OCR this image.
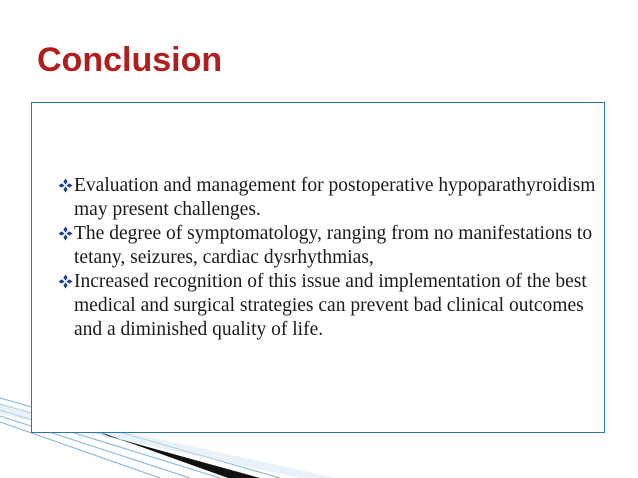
Conclusion
Evaluation and management for postoperative hypoparathyroidism may present challenges.
The degree of symptomatology, ranging from no manifestations to tetany, seizures, cardiac dysrhythmias,
Increased recognition of this issue and implementation of the best medical and surgical strategies can prevent bad clinical outcomes and a diminished quality of life.
